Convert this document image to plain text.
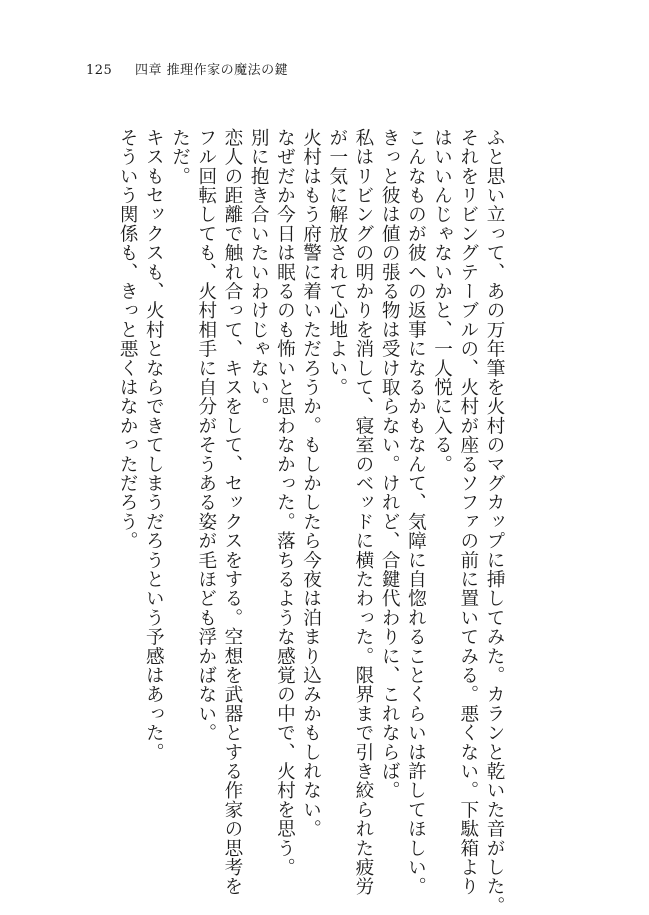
125 四章 推理作家の魔法の鍵
ふと思い立って、あの万年筆を火村のマグカップに挿してみた。カランと乾いた音がした。
それをリビングテーブルの、火村が座るソファの前に置いてみる。悪くない。下駄箱より
はいいんじゃないかと、一人悦に入る。
こんなものが彼への返事になるかもなんて、気障に自惚れることくらいは許してほしい。
きっと彼は値の張る物は受け取らない。けれど、合鍵代わりに、これならば。
私はリビングの明かりを消して、寝室のベッドに横たわった。限界まで引き絞られた疲労
が一気に解放されて心地よい。
火村はもう府警に着いただろうか。もしかしたら今夜は泊まり込みかもしれない。
なぜだか今日は眠るのも怖いと思わなかった。落ちるような感覚の中で、火村を思う。
別に抱き合いたいわけじゃない。
恋人の距離で触れ合って、キスをして、セックスをする。空想を武器とする作家の思考を
フル回転しても、火村相手に自分がそうある姿が毛ほども浮かばない。
ただ。
キスもセックスも、火村とならできてしまうだろうという予感はあった。
そういう関係も、きっと悪くはなかっただろう。
